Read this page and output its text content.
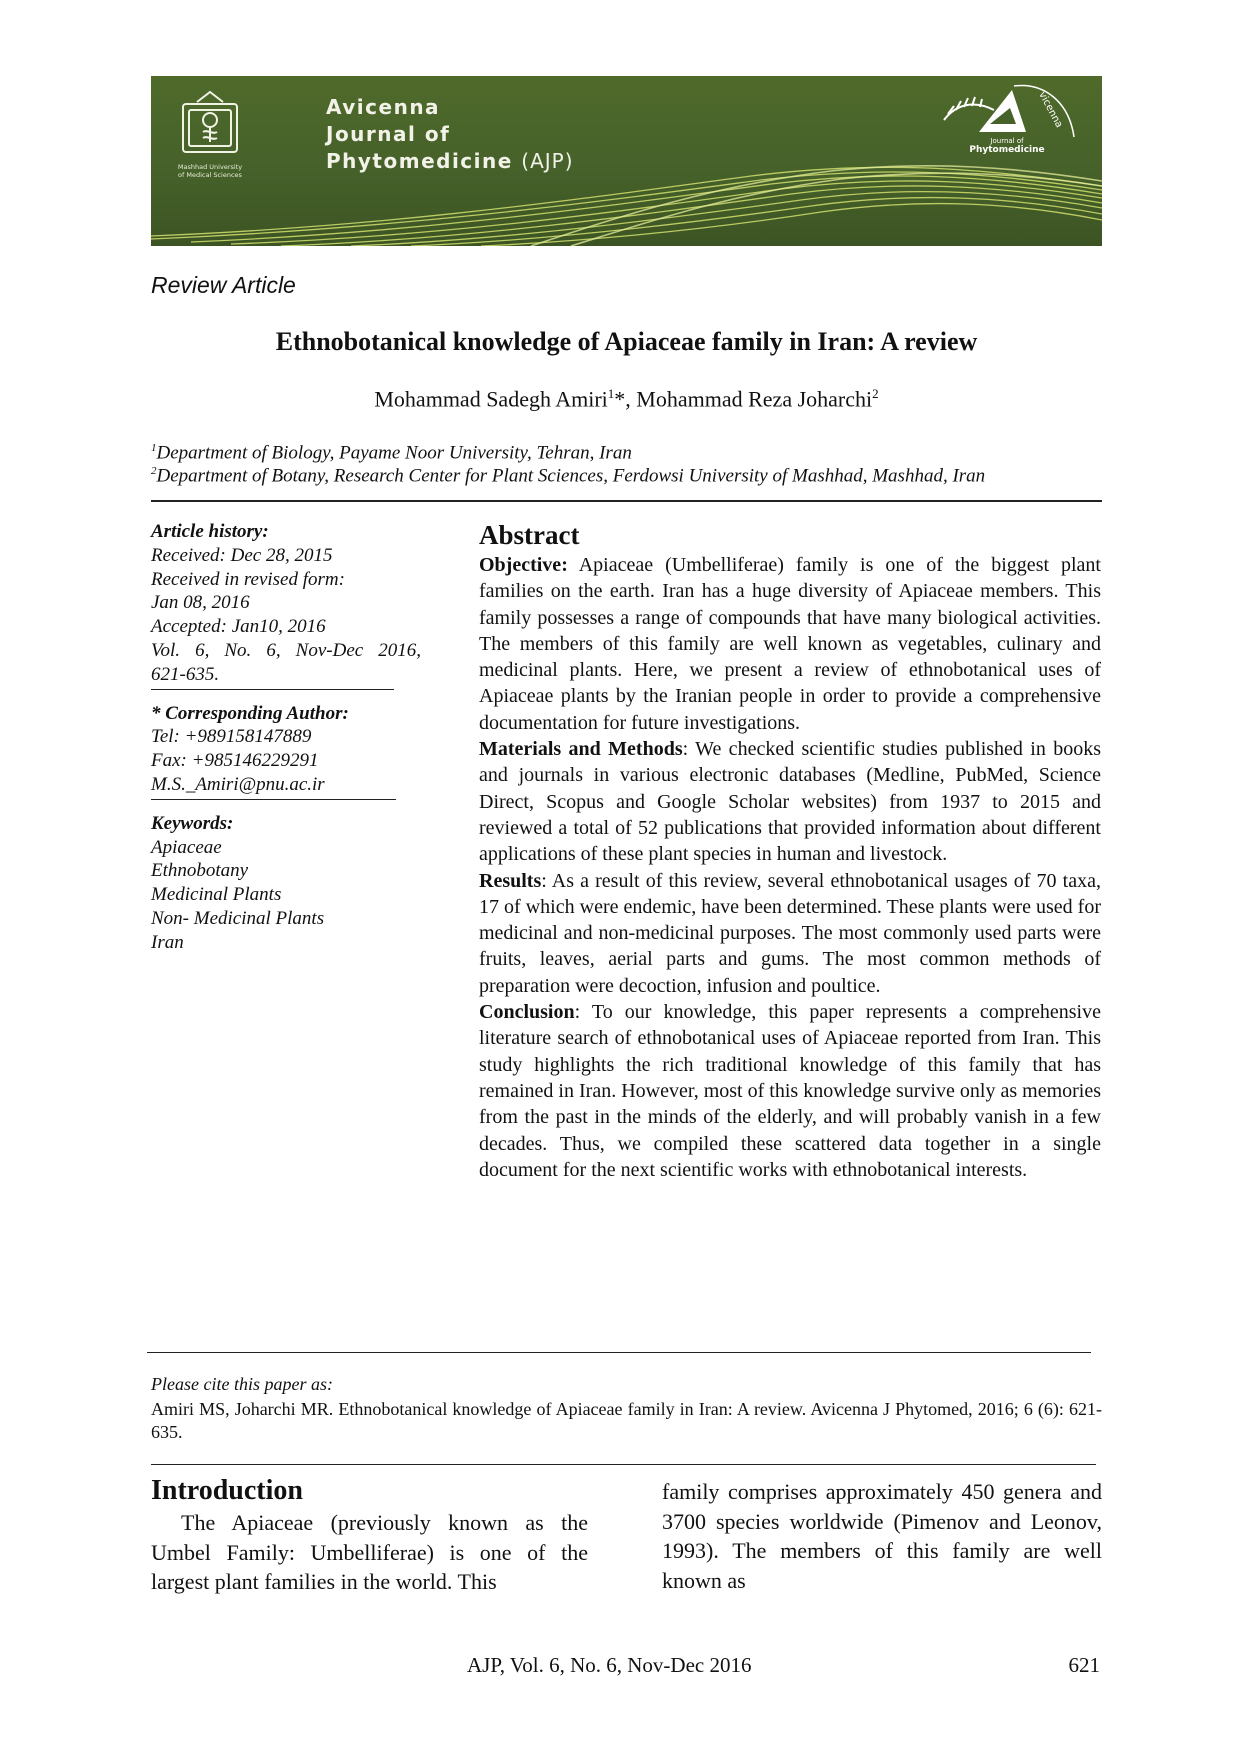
Mashhad University
of Medical Sciences
Avicenna
Journal of
Phytomedicine (AJP)
vicenna
Journal of
Phytomedicine
Review Article
Ethnobotanical knowledge of Apiaceae family in Iran: A review
Mohammad Sadegh Amiri$^1$*, Mohammad Reza Joharchi$^2$
$^1$Department of Biology, Payame Noor University, Tehran, Iran
$^2$Department of Botany, Research Center for Plant Sciences, Ferdowsi University of Mashhad, Mashhad, Iran
Article history:
Received: Dec 28, 2015
Received in revised form:
Jan 08, 2016
Accepted: Jan10, 2016
Vol. 6, No. 6, Nov-Dec 2016,
621-635.
* Corresponding Author:
Tel: +989158147889
Fax: +985146229291
M.S._Amiri@pnu.ac.ir
Keywords:
Apiaceae
Ethnobotany
Medicinal Plants
Non- Medicinal Plants
Iran
Abstract

Objective: Apiaceae (Umbelliferae) family is one of the biggest plant families on the earth. Iran has a huge diversity of Apiaceae members. This family possesses a range of compounds that have many biological activities. The members of this family are well known as vegetables, culinary and medicinal plants. Here, we present a review of ethnobotanical uses of Apiaceae plants by the Iranian people in order to provide a comprehensive documentation for future investigations.

Materials and Methods: We checked scientific studies published in books and journals in various electronic databases (Medline, PubMed, Science Direct, Scopus and Google Scholar websites) from 1937 to 2015 and reviewed a total of 52 publications that provided information about different applications of these plant species in human and livestock.

Results: As a result of this review, several ethnobotanical usages of 70 taxa, 17 of which were endemic, have been determined. These plants were used for medicinal and non-medicinal purposes. The most commonly used parts were fruits, leaves, aerial parts and gums. The most common methods of preparation were decoction, infusion and poultice.

Conclusion: To our knowledge, this paper represents a comprehensive literature search of ethnobotanical uses of Apiaceae reported from Iran. This study highlights the rich traditional knowledge of this family that has remained in Iran. However, most of this knowledge survive only as memories from the past in the minds of the elderly, and will probably vanish in a few decades. Thus, we compiled these scattered data together in a single document for the next scientific works with ethnobotanical interests.

Please cite this paper as:
Amiri MS, Joharchi MR. Ethnobotanical knowledge of Apiaceae family in Iran: A review. Avicenna J Phytomed, 2016; 6 (6): 621-635.
Introduction
The Apiaceae (previously known as the Umbel Family: Umbelliferae) is one of the largest plant families in the world. This
family comprises approximately 450 genera and 3700 species worldwide (Pimenov and Leonov, 1993). The members of this family are well known as
AJP, Vol. 6, No. 6, Nov-Dec 2016	621
